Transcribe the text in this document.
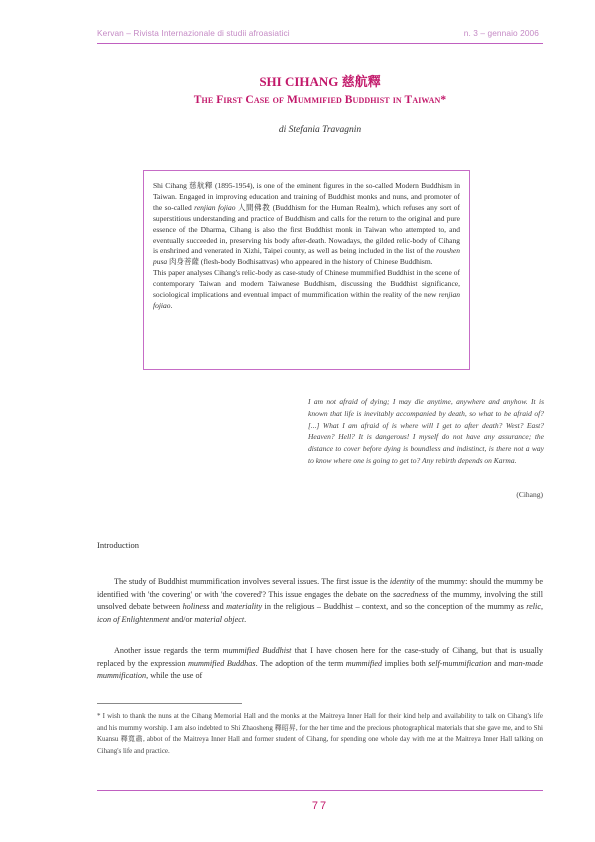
Kervan – Rivista Internazionale di studii afroasiatici	n. 3 – gennaio 2006
SHI CIHANG 慈航釋
The First Case of Mummified Buddhist in Taiwan*
di Stefania Travagnin

Shi Cihang 慈航釋 (1895-1954), is one of the eminent figures in the so-called Modern Buddhism in Taiwan. Engaged in improving education and training of Buddhist monks and nuns, and promoter of the so-called renjian fojiao 人間佛教 (Buddhism for the Human Realm), which refuses any sort of superstitious understanding and practice of Buddhism and calls for the return to the original and pure essence of the Dharma, Cihang is also the first Buddhist monk in Taiwan who attempted to, and eventually succeeded in, preserving his body after-death. Nowadays, the gilded relic-body of Cihang is enshrined and venerated in Xizhi, Taipei county, as well as being included in the list of the roushen pusa 肉身菩薩 (flesh-body Bodhisattvas) who appeared in the history of Chinese Buddhism.

This paper analyses Cihang's relic-body as case-study of Chinese mummified Buddhist in the scene of contemporary Taiwan and modern Taiwanese Buddhism, discussing the Buddhist significance, sociological implications and eventual impact of mummification within the reality of the new renjian fojiao.

I am not afraid of dying; I may die anytime, anywhere and anyhow. It is known that life is inevitably accompanied by death, so what to be afraid of? [...] What I am afraid of is where will I get to after death? West? East? Heaven? Hell? It is dangerous! I myself do not have any assurance; the distance to cover before dying is boundless and indistinct, is there not a way to know where one is going to get to? Any rebirth depends on Karma.
(Cihang)
Introduction
The study of Buddhist mummification involves several issues. The first issue is the identity of the mummy: should the mummy be identified with 'the covering' or with 'the covered'? This issue engages the debate on the sacredness of the mummy, involving the still unsolved debate between holiness and materiality in the religious – Buddhist – context, and so the conception of the mummy as relic, icon of Enlightenment and/or material object.
Another issue regards the term mummified Buddhist that I have chosen here for the case-study of Cihang, but that is usually replaced by the expression mummified Buddhas. The adoption of the term mummified implies both self-mummification and man-made mummification, while the use of
* I wish to thank the nuns at the Cihang Memorial Hall and the monks at the Maitreya Inner Hall for their kind help and availability to talk on Cihang's life and his mummy worship. I am also indebted to Shi Zhaosheng 釋昭昇, for the her time and the precious photographical materials that she gave me, and to Shi Kuansu 釋寬肅, abbot of the Maitreya Inner Hall and former student of Cihang, for spending one whole day with me at the Maitreya Inner Hall talking on Cihang's life and practice.
77
